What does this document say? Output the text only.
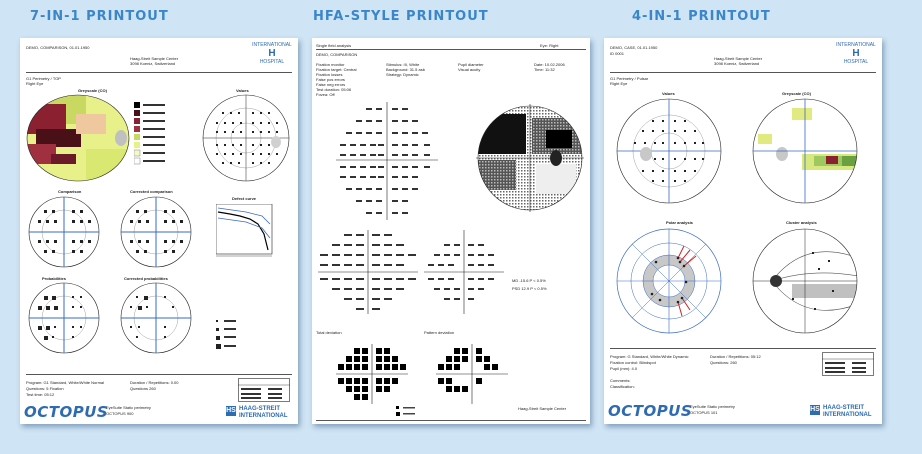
7-IN-1 PRINTOUT	HFA-STYLE PRINTOUT	4-IN-1 PRINTOUT
DEMO, COMPARISON, 01.01.1950
Haag-Streit Sample Center
3098 Koeniz, Switzerland
INTERNATIONAL
H
HOSPITAL
G1 Perimetry / TOP
Right Eye
Greyscale (CO)	Values
Comparison	Corrected comparison
Defect curve
Probabilities	Corrected probabilities
Program: G1 Standard, White/White Normal
Questions: 5 Fixation
Test time: 05:12
Duration / Repetitions: 0.00
Questions 260
OCTOPUS
EyeSuite Static perimetry
OCTOPUS 900	HS HAAG-STREIT
INTERNATIONAL
Single field analysis	Eye: Right
DEMO, COMPARISON
Fixation monitor
Fixation target: Central
Fixation losses
False pos errors
False neg errors
Test duration: 05:06
Fovea: Off
Stimulus: III, White
Background: 31.5 asb
Strategy: Dynamic
Pupil diameter
Visual acuity
Date: 10.02.2006
Time: 11:32
MD -15.6 P < 0.5%
PSD 12.9 P < 0.5%
Total deviation	Pattern deviation
Haag-Streit Sample Center
DEMO, CASE, 01.01.1950
ID 0001
Haag-Streit Sample Center
3098 Koeniz, Switzerland
INTERNATIONAL
H
HOSPITAL
G1 Perimetry / Pulsar
Right Eye
Values	Greyscale (CO)
Polar analysis	Cluster analysis
Program: G Standard, White/White Dynamic
Fixation control: Blindspot
Pupil (mm): 4.0
Duration / Repetitions: 05:12
Questions: 260
Comments:
Classification:
OCTOPUS
EyeSuite Static perimetry
OCTOPUS 101	HS HAAG-STREIT
INTERNATIONAL
